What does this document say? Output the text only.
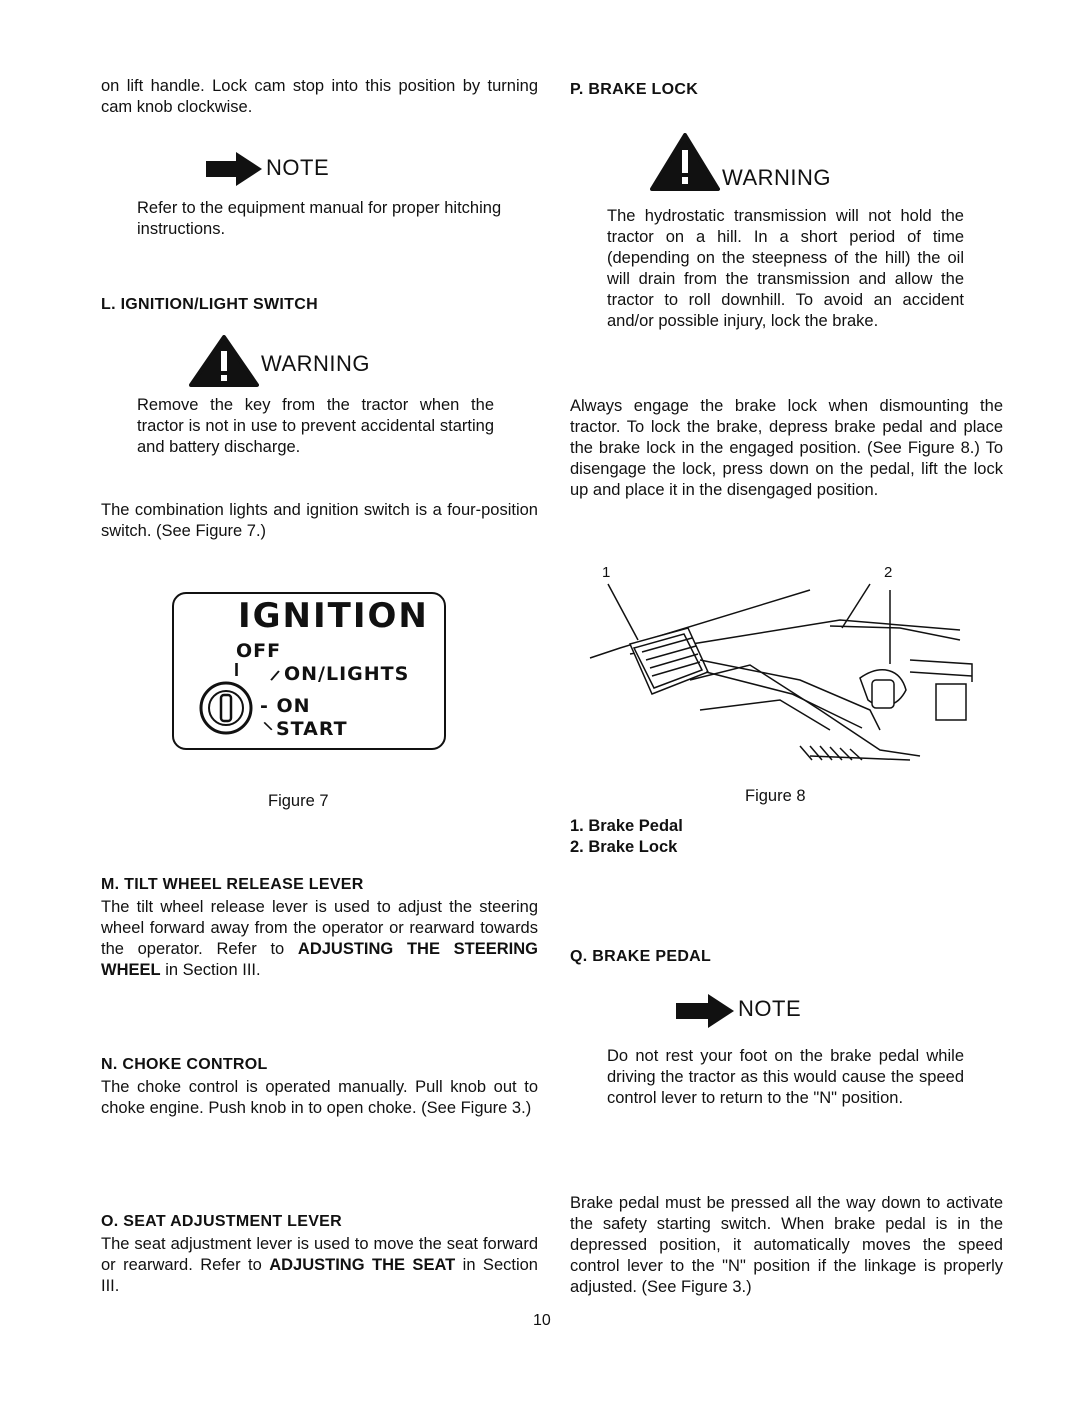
on lift handle. Lock cam stop into this position by turning cam knob clockwise.

NOTE

Refer to the equipment manual for proper hitching instructions.

L. IGNITION/LIGHT SWITCH

WARNING

Remove the key from the tractor when the tractor is not in use to prevent accidental starting and battery discharge.

The combination lights and ignition switch is a four-position switch. (See Figure 7.)

IGNITION
OFF
I / ON/LIGHTS
- ON
\ START

Figure 7

M. TILT WHEEL RELEASE LEVER

The tilt wheel release lever is used to adjust the steering wheel forward away from the operator or rearward towards the operator. Refer to ADJUSTING THE STEERING WHEEL in Section III.

N. CHOKE CONTROL

The choke control is operated manually. Pull knob out to choke engine. Push knob in to open choke. (See Figure 3.)

O. SEAT ADJUSTMENT LEVER

The seat adjustment lever is used to move the seat forward or rearward. Refer to ADJUSTING THE SEAT in Section III.

P. BRAKE LOCK

WARNING

The hydrostatic transmission will not hold the tractor on a hill. In a short period of time (depending on the steepness of the hill) the oil will drain from the transmission and allow the tractor to roll downhill. To avoid an accident and/or possible injury, lock the brake.

Always engage the brake lock when dismounting the tractor. To lock the brake, depress brake pedal and place the brake lock in the engaged position. (See Figure 8.) To disengage the lock, press down on the pedal, lift the lock up and place it in the disengaged position.

1	2

Figure 8

1. Brake Pedal

2. Brake Lock

Q. BRAKE PEDAL

NOTE

Do not rest your foot on the brake pedal while driving the tractor as this would cause the speed control lever to return to the "N" position.

Brake pedal must be pressed all the way down to activate the safety starting switch. When brake pedal is in the depressed position, it automatically moves the speed control lever to the "N" position if the linkage is properly adjusted. (See Figure 3.)

10
